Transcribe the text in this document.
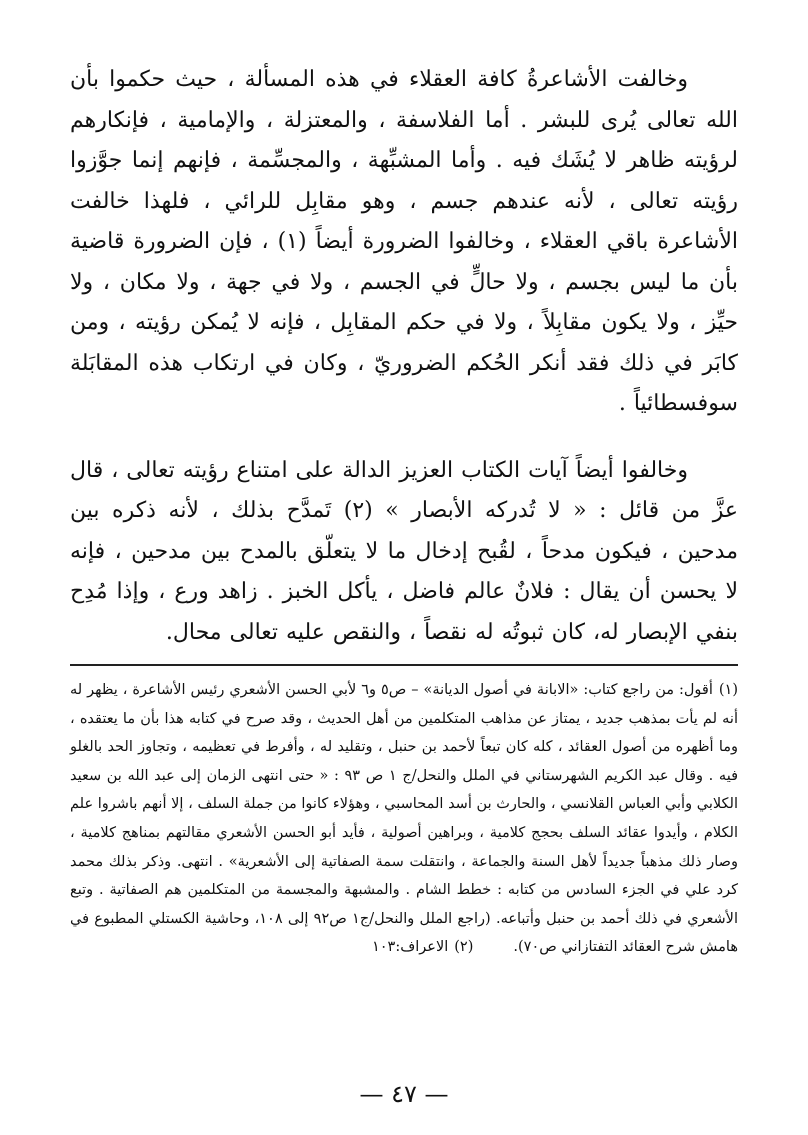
وخالفت الأشاعرةُ كافة العقلاء في هذه المسألة ، حيث حكموا بأن الله تعالى يُرى للبشر . أما الفلاسفة ، والمعتزلة ، والإمامية ، فإنكارهم لرؤيته ظاهر لا يُشَك فيه . وأما المشبِّهة ، والمجسِّمة ، فإنهم إنما جوَّزوا رؤيته تعالى ، لأنه عندهم جسم ، وهو مقابِل للرائي ، فلهذا خالفت الأشاعرة باقي العقلاء ، وخالفوا الضرورة أيضاً (١) ، فإن الضرورة قاضية بأن ما ليس بجسم ، ولا حالٍّ في الجسم ، ولا في جهة ، ولا مكان ، ولا حيِّز ، ولا يكون مقابِلاً ، ولا في حكم المقابِل ، فإنه لا يُمكن رؤيته ، ومن كابَر في ذلك فقد أنكر الحُكم الضروريّ ، وكان في ارتكاب هذه المقابَلة سوفسطائياً .

وخالفوا أيضاً آيات الكتاب العزيز الدالة على امتناع رؤيته تعالى ، قال عزَّ من قائل : « لا تُدركه الأبصار » (٢) تَمدَّح بذلك ، لأنه ذكره بين مدحين ، فيكون مدحاً ، لقُبح إدخال ما لا يتعلّق بالمدح بين مدحين ، فإنه لا يحسن أن يقال : فلانٌ عالم فاضل ، يأكل الخبز . زاهد ورع ، وإذا مُدِح بنفي الإبصار له، كان ثبوتُه له نقصاً ، والنقص عليه تعالى محال.

(١)أقول: من راجع كتاب: «الابانة في أصول الديانة» – ص٥ و٦ لأبي الحسن الأشعري رئيس الأشاعرة ، يظهر له أنه لم يأت بمذهب جديد ، يمتاز عن مذاهب المتكلمين من أهل الحديث ، وقد صرح في كتابه هذا بأن ما يعتقده ، وما أظهره من أصول العقائد ، كله كان تبعاً لأحمد بن حنبل ، وتقليد له ، وأفرط في تعظيمه ، وتجاوز الحد بالغلو فيه . وقال عبد الكريم الشهرستاني في الملل والنحل/ج ١ ص ٩٣ : « حتى انتهى الزمان إلى عبد الله بن سعيد الكلابي وأبي العباس القلانسي ، والحارث بن أسد المحاسبي ، وهؤلاء كانوا من جملة السلف ، إلا أنهم باشروا علم الكلام ، وأيدوا عقائد السلف بحجج كلامية ، وبراهين أصولية ، فأيد أبو الحسن الأشعري مقالتهم بمناهج كلامية ، وصار ذلك مذهباً جديداً لأهل السنة والجماعة ، وانتقلت سمة الصفاتية إلى الأشعرية» . انتهى. وذكر بذلك محمد كرد علي في الجزء السادس من كتابه : خطط الشام . والمشبهة والمجسمة من المتكلمين هم الصفاتية . وتبع الأشعري في ذلك أحمد بن حنبل وأتباعه. (راجع الملل والنحل/ج١ ص٩٢ إلى ١٠٨، وحاشية الكستلي المطبوع في هامش شرح العقائد التفتازاني ص٧٠).(٢)الاعراف:١٠٣

— ٤٧ —
